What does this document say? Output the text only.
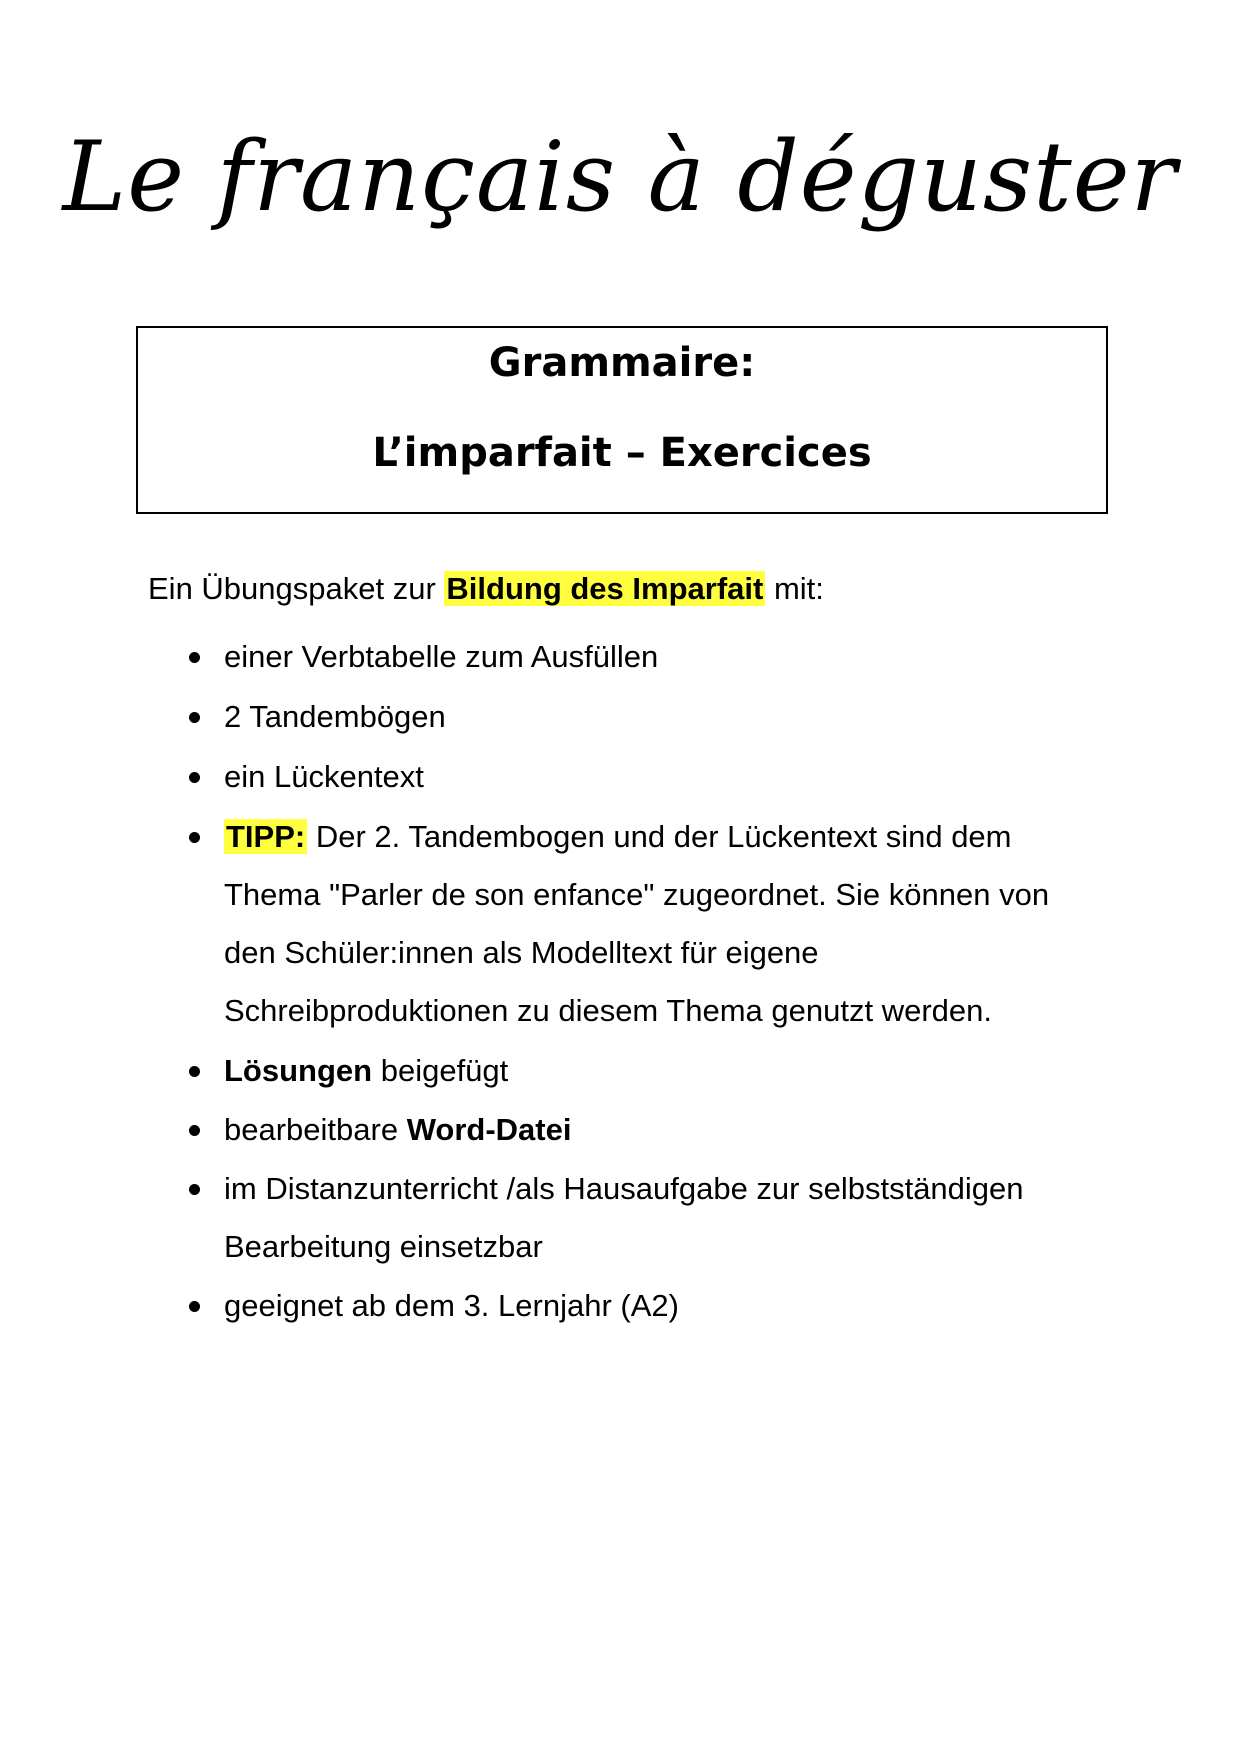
Le français à déguster
Grammaire:
L’imparfait – Exercices
Ein Übungspaket zur Bildung des Imparfait mit:
einer Verbtabelle zum Ausfüllen
2 Tandembögen
ein Lückentext
TIPP: Der 2. Tandembogen und der Lückentext sind dem Thema "Parler de son enfance" zugeordnet. Sie können von den Schüler:innen als Modelltext für eigene Schreibproduktionen zu diesem Thema genutzt werden.
Lösungen beigefügt
bearbeitbare Word-Datei
im Distanzunterricht /als Hausaufgabe zur selbstständigen Bearbeitung einsetzbar
geeignet ab dem 3. Lernjahr (A2)
